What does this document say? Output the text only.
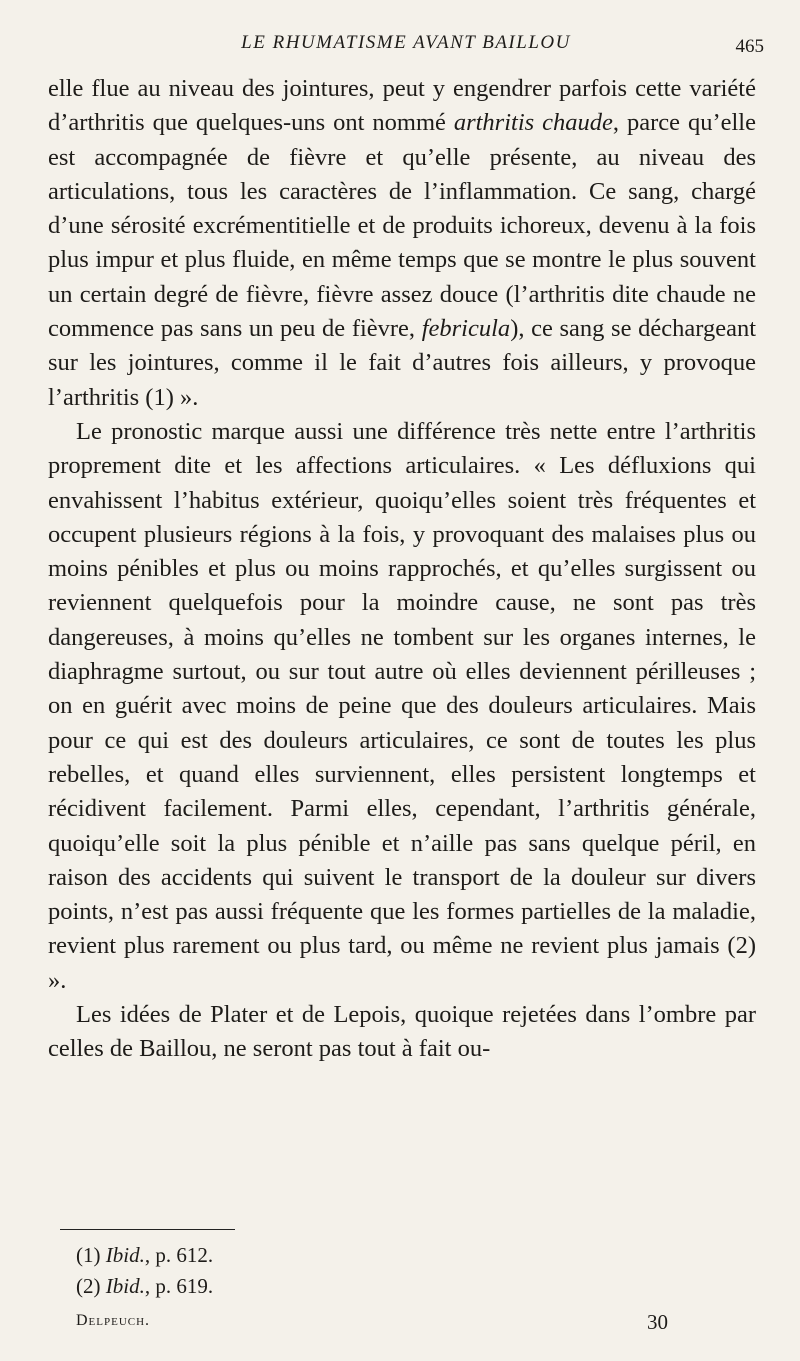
LE RHUMATISME AVANT BAILLOU	465

elle flue au niveau des jointures, peut y engendrer parfois cette variété d’arthritis que quelques-uns ont nommé arthritis chaude, parce qu’elle est accompagnée de fièvre et qu’elle présente, au niveau des articulations, tous les caractères de l’inflammation. Ce sang, chargé d’une sérosité excrémentitielle et de produits ichoreux, devenu à la fois plus impur et plus fluide, en même temps que se montre le plus souvent un certain degré de fièvre, fièvre assez douce (l’arthritis dite chaude ne commence pas sans un peu de fièvre, febricula), ce sang se déchargeant sur les jointures, comme il le fait d’autres fois ailleurs, y provoque l’arthritis (1) ».

Le pronostic marque aussi une différence très nette entre l’arthritis proprement dite et les affections articulaires. « Les défluxions qui envahissent l’habitus extérieur, quoiqu’elles soient très fréquentes et occupent plusieurs régions à la fois, y provoquant des malaises plus ou moins pénibles et plus ou moins rapprochés, et qu’elles surgissent ou reviennent quelquefois pour la moindre cause, ne sont pas très dangereuses, à moins qu’elles ne tombent sur les organes internes, le diaphragme surtout, ou sur tout autre où elles deviennent périlleuses ; on en guérit avec moins de peine que des douleurs articulaires. Mais pour ce qui est des douleurs articulaires, ce sont de toutes les plus rebelles, et quand elles surviennent, elles persistent longtemps et récidivent facilement. Parmi elles, cependant, l’arthritis générale, quoiqu’elle soit la plus pénible et n’aille pas sans quelque péril, en raison des accidents qui suivent le transport de la douleur sur divers points, n’est pas aussi fréquente que les formes partielles de la maladie, revient plus rarement ou plus tard, ou même ne revient plus jamais (2) ».

Les idées de Plater et de Lepois, quoique rejetées dans l’ombre par celles de Baillou, ne seront pas tout à fait ou-

(1) Ibid., p. 612.
(2) Ibid., p. 619.
Delpeuch.	30
